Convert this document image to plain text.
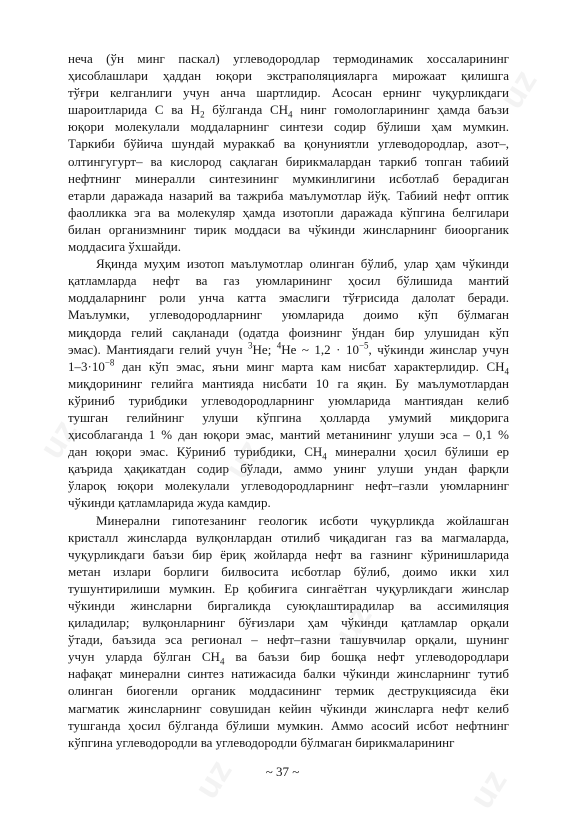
uz
uz	uz
uz
uz	uz
неча (ўн минг паскал) углеводородлар термодинамик хоссаларининг
ҳисоблашлари ҳаддан юқори экстраполяцияларга мирожаат қилишга
тўғри келганлиги учун анча шартлидир. Асосан ернинг чуқурликдаги
шароитларида С ва $Н_2$ бўлганда $СН_4$ нинг гомологларининг ҳамда баъзи
юқори молекулали моддаларнинг синтези содир бўлиши ҳам мумкин.
Таркиби бўйича шундай мураккаб ва қонуниятли углеводородлар, азот–,
олтингугурт– ва кислород сақлаган бирикмалардан таркиб топган табиий
нефтнинг минералли синтезининг мумкинлигини исботлаб берадиган
етарли даражада назарий ва тажриба маълумотлар йўқ. Табиий нефт оптик
фаолликка эга ва молекуляр ҳамда изотопли даражада кўпгина белгилари
билан организмнинг тирик моддаси ва чўкинди жинсларнинг биоорганик
моддасига ўхшайди.
Яқинда муҳим изотоп маълумотлар олинган бўлиб, улар ҳам чўкинди
қатламларда нефт ва газ уюмларининг ҳосил бўлишида мантий
моддаларнинг роли унча катта эмаслиги тўғрисида далолат беради.
Маълумки, углеводородларнинг уюмларида доимо кўп бўлмаган
миқдорда гелий сақланади (одатда фоизнинг ўндан бир улушидан кўп
эмас). Мантиядаги гелий учун $^3$Не; $^4$Не ~ $1,2 \cdot 10^{-5}$, чўкинди жинслар учун
$1-3\cdot 10^{-8}$ дан кўп эмас, яъни минг марта кам нисбат характерлидир. $СН_4$
миқдорининг гелийга мантияда нисбати 10 га яқин. Бу маълумотлардан
кўриниб турибдики углеводородларнинг уюмларида мантиядан келиб
тушган гелийнинг улуши кўпгина ҳолларда умумий миқдорига
ҳисоблаганда 1 % дан юқори эмас, мантий метанининг улуши эса – 0,1 %
дан юқори эмас. Кўриниб турибдики, $СН_4$ минерални ҳосил бўлиши ер
қаърида ҳақикатдан содир бўлади, аммо унинг улуши ундан фарқли
ўлароқ юқори молекулали углеводородларнинг нефт–газли уюмларнинг
чўкинди қатламларида жуда камдир.
Минерални гипотезанинг геологик исботи чуқурликда жойлашган
кристалл жинсларда вулқонлардан отилиб чиқадиган газ ва магмаларда,
чуқурликдаги баъзи бир ёриқ жойларда нефт ва газнинг кўринишларида
метан излари борлиги билвосита исботлар бўлиб, доимо икки хил
тушунтирилиши мумкин. Ер қобиғига сингаётган чуқурликдаги жинслар
чўкинди жинсларни биргаликда суюқлаштирадилар ва ассимиляция
қиладилар; вулқонларнинг бўғизлари ҳам чўкинди қатламлар орқали
ўтади, баъзида эса регионал – нефт–газни ташувчилар орқали, шунинг
учун уларда бўлган $СН_4$ ва баъзи бир бошқа нефт углеводородлари
нафақат минерални синтез натижасида балки чўкинди жинсларнинг тутиб
олинган биогенли органик моддасининг термик деструкциясида ёки
магматик жинсларнинг совушидан кейин чўкинди жинсларга нефт келиб
тушганда ҳосил бўлганда бўлиши мумкин. Аммо асосий исбот нефтнинг
кўпгина углеводородли ва углеводородли бўлмаган бирикмаларининг
~ 37 ~
